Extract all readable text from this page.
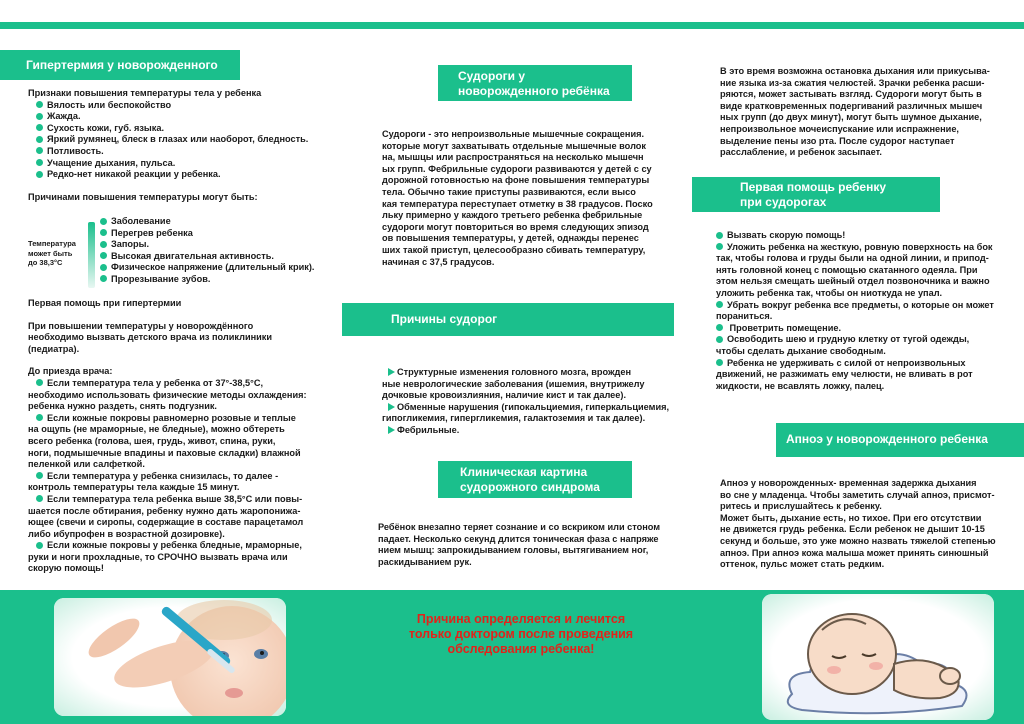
Гипертермия у новорожденного
Признаки повышения температуры тела у ребенка
Вялость или беспокойство
Жажда.
Сухость кожи, губ. языка.
Яркий румянец, блеск в глазах или наоборот, бледность.
Потливость.
Учащение дыхания, пульса.
Редко-нет никакой реакции у ребенка.
Причинами повышения температуры могут быть:
Температура
может быть
до 38,3°С
Заболевание
Перегрев ребенка
Запоры.
Высокая двигательная активность.
Физическое напряжение (длительный крик).
Прорезывание зубов.
Первая помощь при гипертермии
При повышении температуры у новорождённого
необходимо вызвать детского врача из поликлиники
(педиатра).
До приезда врача:
Если температура тела у ребенка от 37°-38,5°С,
необходимо использовать физические методы охлаждения:
ребенка нужно раздеть, снять подгузник.
Если кожные покровы равномерно розовые и теплые
на ощупь (не мраморные, не бледные), можно обтереть
всего ребенка (голова, шея, грудь, живот, спина, руки,
ноги, подмышечные впадины и паховые складки) влажной
пеленкой или салфеткой.
Если температура у ребенка снизилась, то далее -
контроль температуры тела каждые 15 минут.
Если температура тела ребенка выше 38,5°С или повы-
шается после обтирания, ребенку нужно дать жаропонижа-
ющее (свечи и сиропы, содержащие в составе парацетамол
либо ибупрофен в возрастной дозировке).
Если кожные покровы у ребенка бледные, мраморные,
руки и ноги прохладные, то СРОЧНО вызвать врача или
скорую помощь!
Судороги у
новорожденного ребёнка
Судороги - это непроизвольные мышечные сокращения.
которые могут захватывать отдельные мышечные волок
на, мышцы или распространяться на несколько мышечн
ых групп. Фебрильные судороги развиваются у детей с су
дорожной готовностью на фоне повышения температуры
тела. Обычно такие приступы развиваются, если высо
кая температура переступает отметку в 38 градусов. Поско
льку примерно у каждого третьего ребенка фебрильные
судороги могут повториться во время следующих эпизод
ов повышения температуры, у детей, однажды перенес
ших такой приступ, целесообразно сбивать температуру,
начиная с 37,5 градусов.
Причины судорог
Структурные изменения головного мозга, врожден
ные неврологические заболевания (ишемия, внутрижелу
дочковые кровоизлияния, наличие кист и так далее).
Обменные нарушения (гипокальциемия, гиперкальциемия,
гипогликемия, гипергликемия, галактоземия и так далее).
Фебрильные.
Клиническая картина
судорожного синдрома
Ребёнок внезапно теряет сознание и со вскриком или стоном
падает. Несколько секунд длится тоническая фаза с напряже
нием мышц: запрокидыванием головы, вытягиванием ног,
раскидыванием рук.
В это время возможна остановка дыхания или прикусыва-
ние языка из-за сжатия челюстей. Зрачки ребенка расши-
ряются, может застывать взгляд. Судороги могут быть в
виде кратковременных подергиваний различных мышеч
ных групп (до двух минут), могут быть шумное дыхание,
непроизвольное мочеиспускание или испражнение,
выделение пены изо рта. После судорог наступает
расслабление, и ребенок засыпает.
Первая помощь ребенку
при судорогах
Вызвать скорую помощь!
Уложить ребенка на жесткую, ровную поверхность на бок
так, чтобы голова и груды были на одной линии, и припод-
нять головной конец с помощью скатанного одеяла. При
этом нельзя смещать шейный отдел позвоночника и важно
уложить ребенка так, чтобы он ниоткуда не упал.
Убрать вокруг ребенка все предметы, о которые он может
пораниться.
Проветрить помещение.
Освободить шею и грудную клетку от тугой одежды,
чтобы сделать дыхание свободным.
Ребенка не удерживать с силой от непроизвольных
движений, не разжимать ему челюсти, не вливать в рот
жидкости, не всавлять ложку, палец.
Апноэ у новорожденного ребенка
Апноэ у новорожденных- временная задержка дыхания
во сне у младенца. Чтобы заметить случай апноэ, присмот-
ритесь и прислушайтесь к ребенку.
Может быть, дыхание есть, но тихое. При его отсутствии
не движется грудь ребенка. Если ребенок не дышит 10-15
секунд и больше, это уже можно назвать тяжелой степенью
апноэ. При апноэ кожа малыша может принять синюшный
оттенок, пульс может стать редким.
Причина определяется и лечится
только доктором после проведения
обследования ребенка!
